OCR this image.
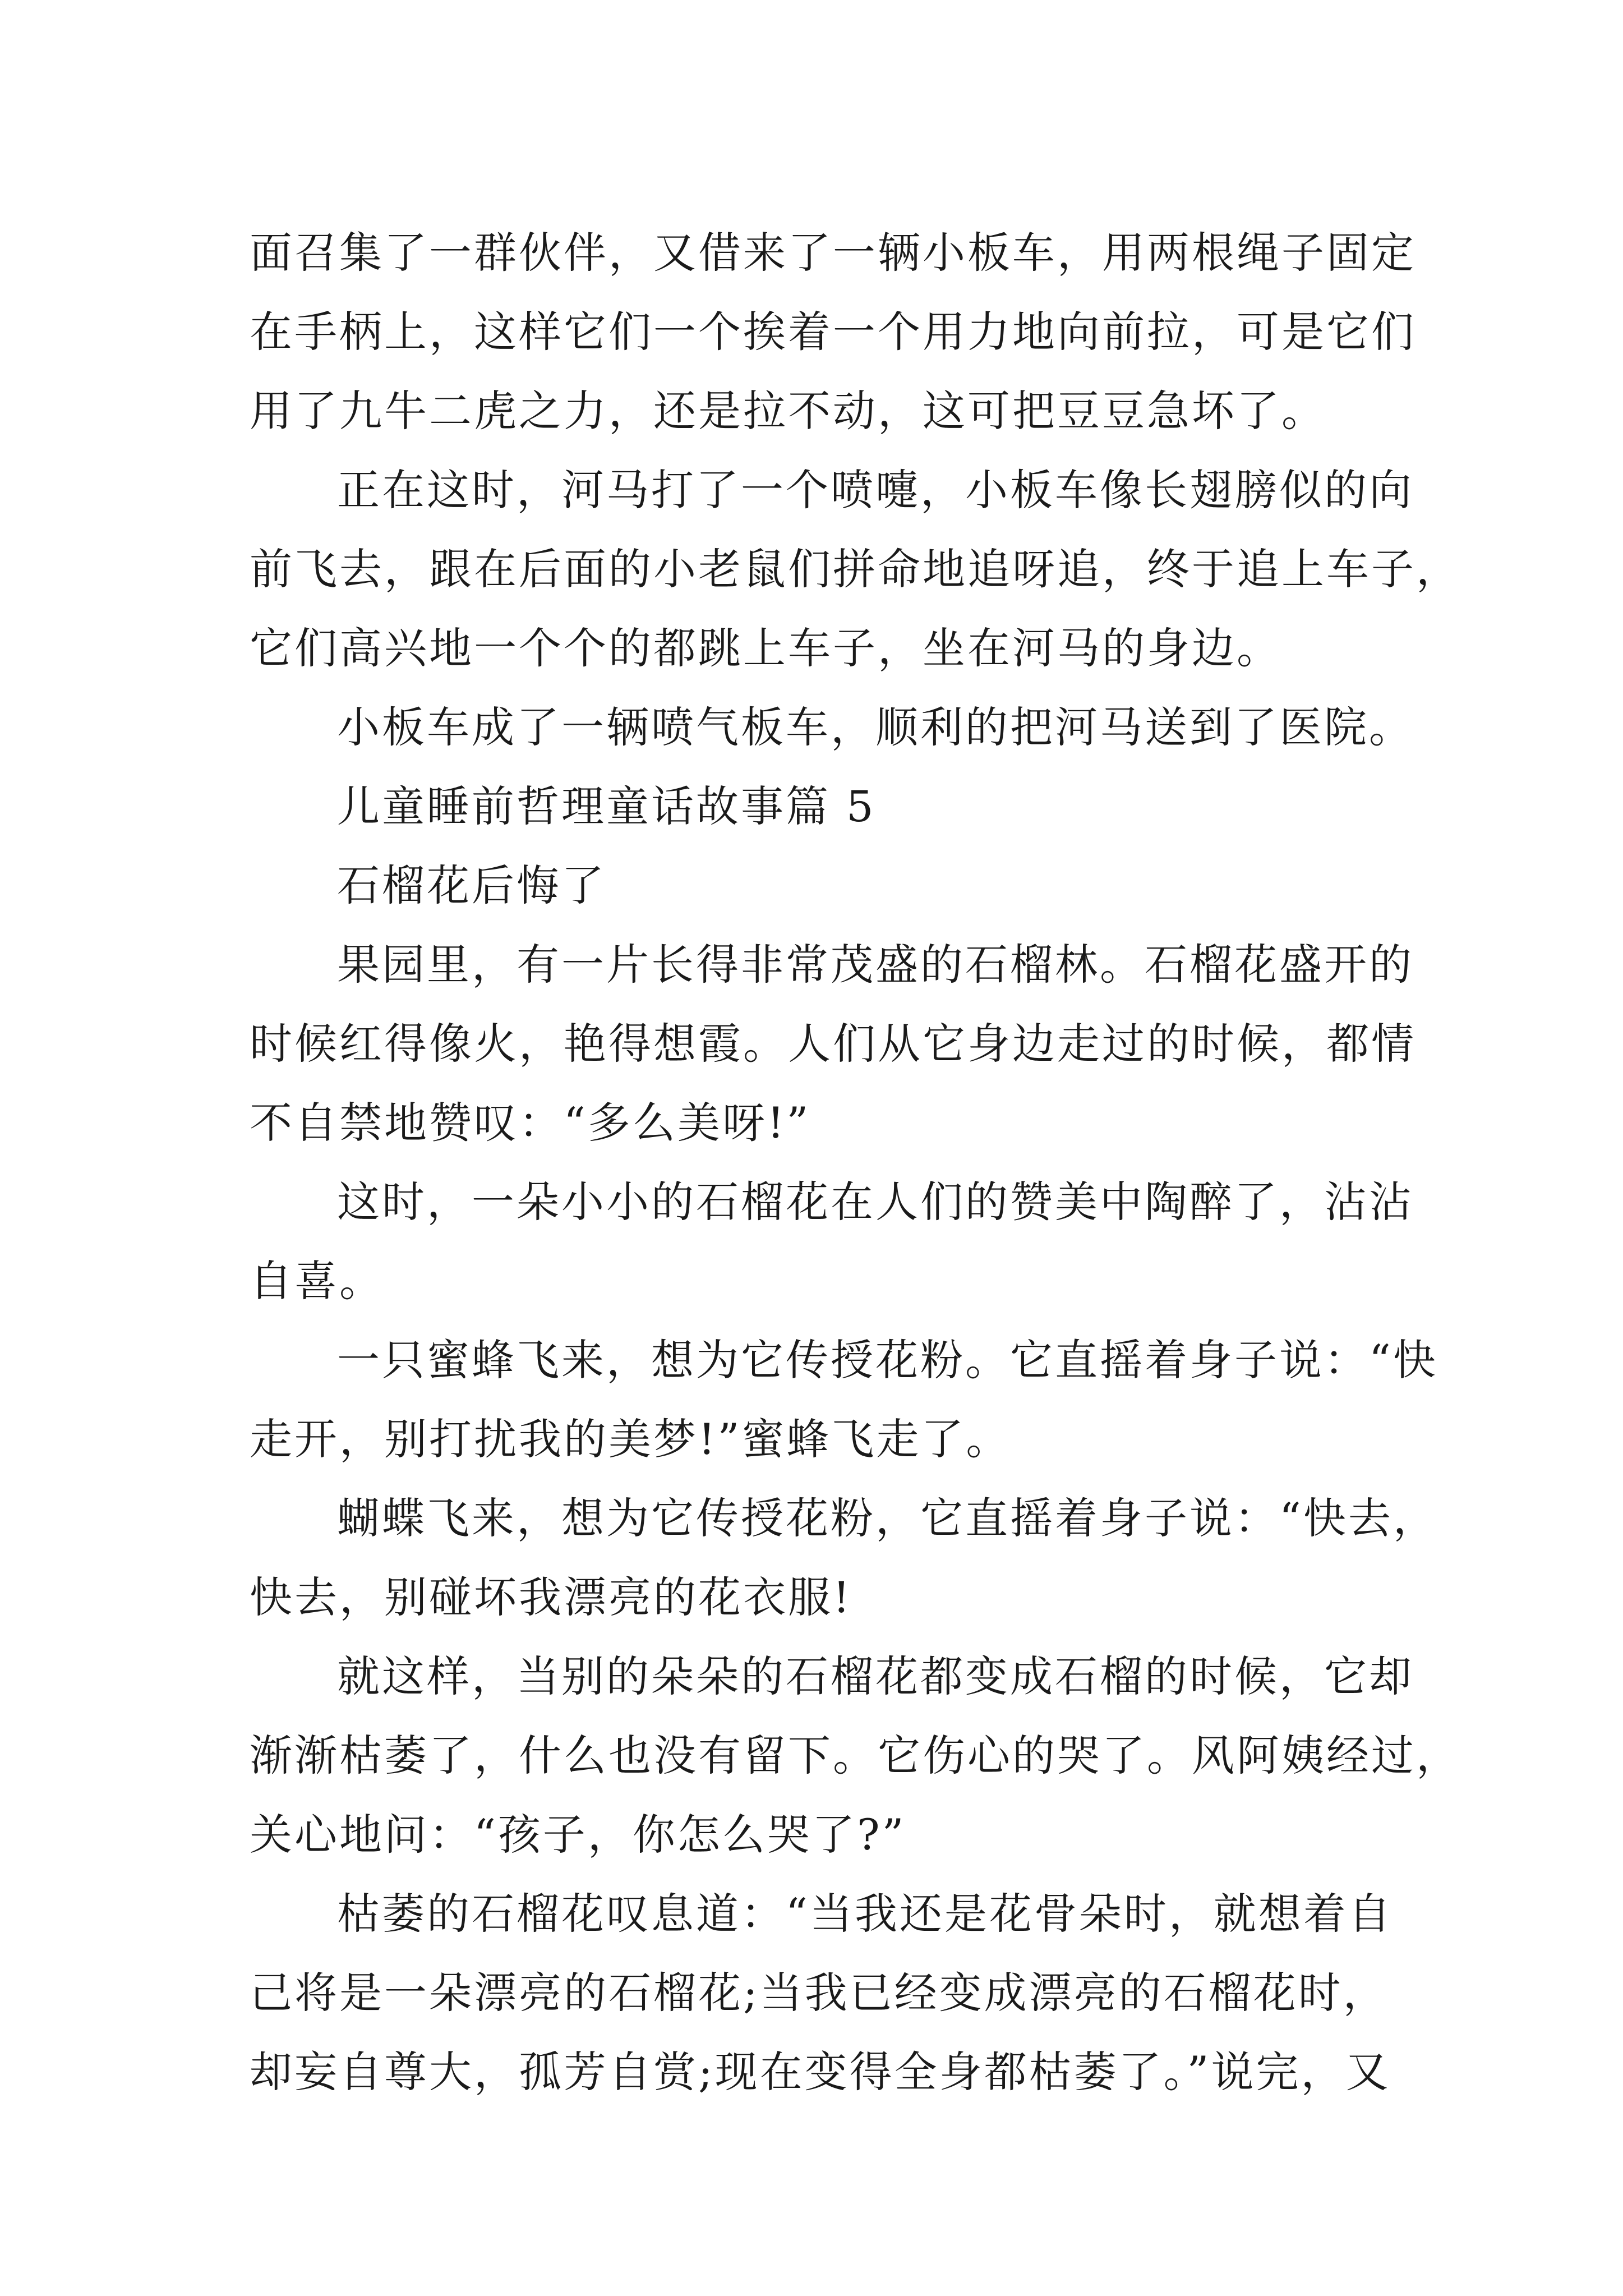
面召集了一群伙伴，又借来了一辆小板车，用两根绳子固定
在手柄上，这样它们一个挨着一个用力地向前拉，可是它们
用了九牛二虎之力，还是拉不动，这可把豆豆急坏了。
正在这时，河马打了一个喷嚏，小板车像长翅膀似的向
前飞去，跟在后面的小老鼠们拼命地追呀追，终于追上车子，
它们高兴地一个个的都跳上车子，坐在河马的身边。
小板车成了一辆喷气板车，顺利的把河马送到了医院。
儿童睡前哲理童话故事篇 5
石榴花后悔了
果园里，有一片长得非常茂盛的石榴林。石榴花盛开的
时候红得像火，艳得想霞。人们从它身边走过的时候，都情
不自禁地赞叹：“多么美呀!”
这时，一朵小小的石榴花在人们的赞美中陶醉了，沾沾
自喜。
一只蜜蜂飞来，想为它传授花粉。它直摇着身子说：“快
走开，别打扰我的美梦!”蜜蜂飞走了。
蝴蝶飞来，想为它传授花粉，它直摇着身子说：“快去，
快去，别碰坏我漂亮的花衣服!
就这样，当别的朵朵的石榴花都变成石榴的时候，它却
渐渐枯萎了，什么也没有留下。它伤心的哭了。风阿姨经过，
关心地问：“孩子，你怎么哭了?”
枯萎的石榴花叹息道：“当我还是花骨朵时，就想着自
己将是一朵漂亮的石榴花;当我已经变成漂亮的石榴花时，
却妄自尊大，孤芳自赏;现在变得全身都枯萎了。”说完，又
